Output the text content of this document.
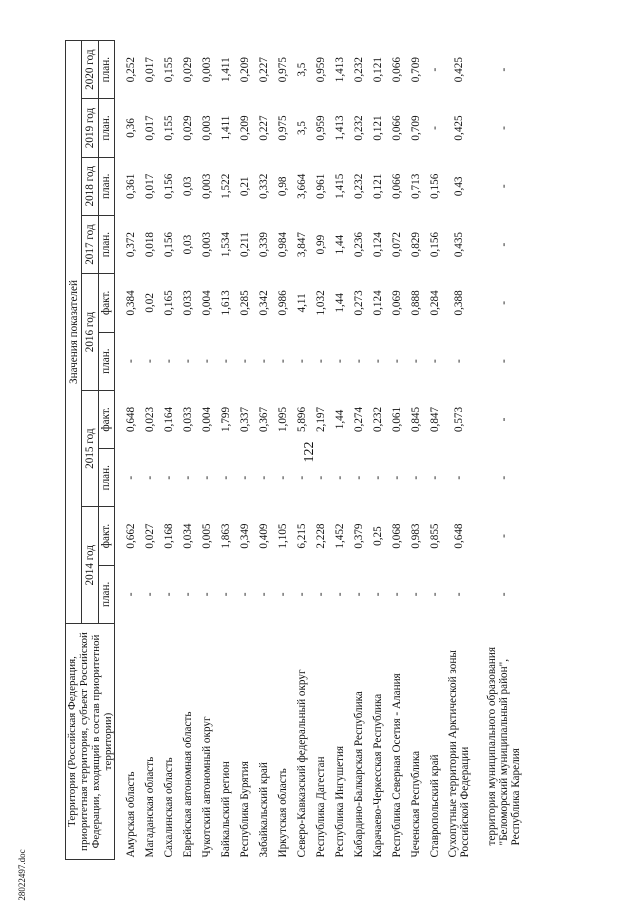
122
28022497.doc
Территория (Российская Федерация, приоритетная территория, субъект Российской Федерации, входящий в состав приоритетной территории)	Значения показателей									
	2014 год		2015 год		2016 год		2017 год	2018 год	2019 год	2020 год
	план.	факт.	план.	факт.	план.	факт.	план.	план.	план.	план.
Амурская область	-	0,662	-	0,648	-	0,384	0,372	0,361	0,36	0,252
Магаданская область	-	0,027	-	0,023	-	0,02	0,018	0,017	0,017	0,017
Сахалинская область	-	0,168	-	0,164	-	0,165	0,156	0,156	0,155	0,155
Еврейская автономная область	-	0,034	-	0,033	-	0,033	0,03	0,03	0,029	0,029
Чукотский автономный округ	-	0,005	-	0,004	-	0,004	0,003	0,003	0,003	0,003
Байкальский регион	-	1,863	-	1,799	-	1,613	1,534	1,522	1,411	1,411
Республика Бурятия	-	0,349	-	0,337	-	0,285	0,211	0,21	0,209	0,209
Забайкальский край	-	0,409	-	0,367	-	0,342	0,339	0,332	0,227	0,227
Иркутская область	-	1,105	-	1,095	-	0,986	0,984	0,98	0,975	0,975
Северо-Кавказский федеральный округ	-	6,215	-	5,896	-	4,11	3,847	3,664	3,5	3,5
Республика Дагестан	-	2,228	-	2,197	-	1,032	0,99	0,961	0,959	0,959
Республика Ингушетия	-	1,452	-	1,44	-	1,44	1,44	1,415	1,413	1,413
Кабардино-Балкарская Республика	-	0,379	-	0,274	-	0,273	0,236	0,232	0,232	0,232
Карачаево-Черкесская Республика	-	0,25	-	0,232	-	0,124	0,124	0,121	0,121	0,121
Республика Северная Осетия - Алания	-	0,068	-	0,061	-	0,069	0,072	0,066	0,066	0,066
Чеченская Республика	-	0,983	-	0,845	-	0,888	0,829	0,713	0,709	0,709
Ставропольский край	-	0,855	-	0,847	-	0,284	0,156	0,156	-	-
Сухопутные территории Арктической зоны Российской Федерации	-	0,648	-	0,573	-	0,388	0,435	0,43	0,425	0,425
территория муниципального образования "Беломорский муниципальный район", Республика Карелия	-	-	-	-	-	-	-	-	-	-
